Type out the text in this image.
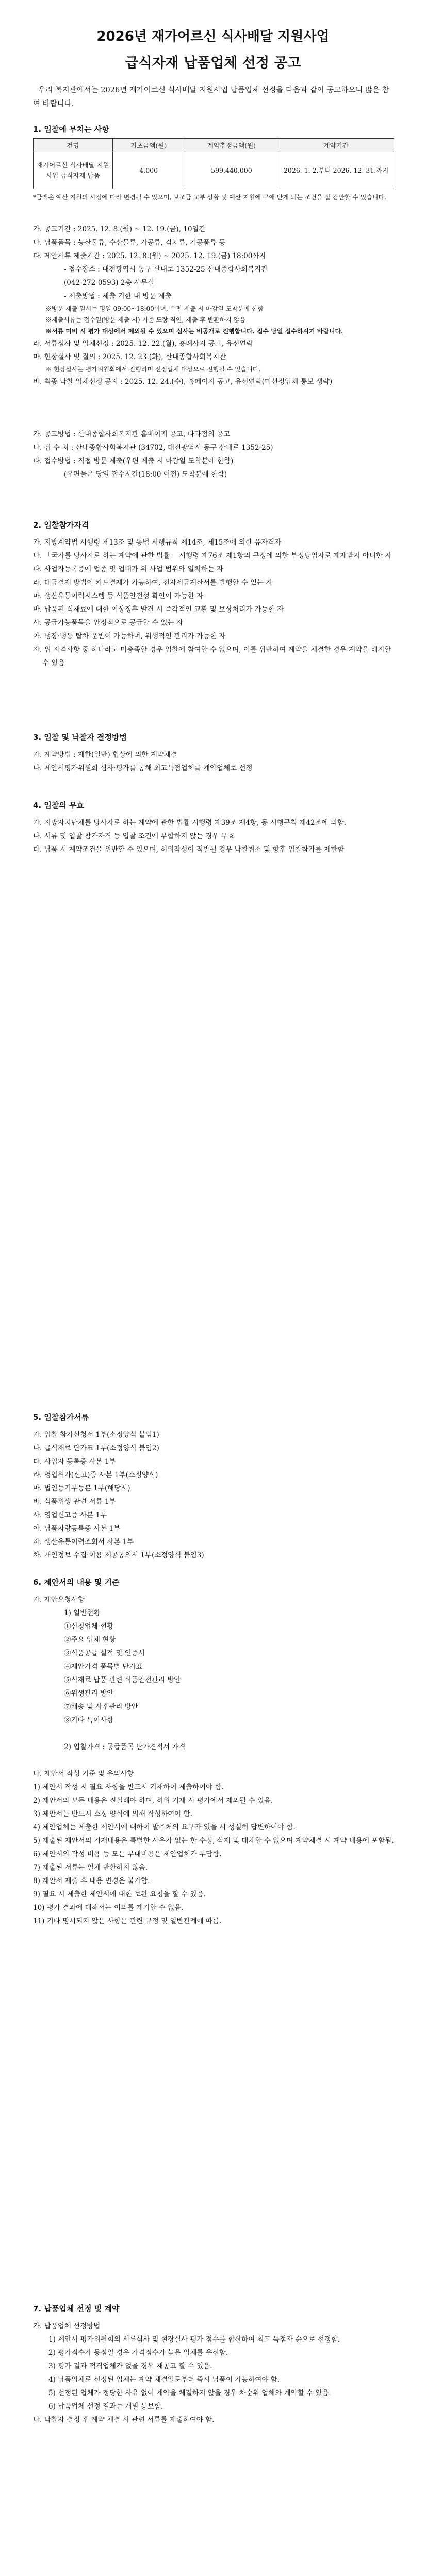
2026년 재가어르신 식사배달 지원사업
급식자재 납품업체 선정 공고
우리 복지관에서는 2026년 재가어르신 식사배달 지원사업 납품업체 선정을 다음과 같이 공고하오니 많은 참여 바랍니다.
1. 입찰에 부치는 사항
건명	기초금액(원)	계약추정금액(원)	계약기간
재가어르신 식사배달 지원사업 급식자재 납품	4,000	599,440,000	2026. 1. 2.부터 2026. 12. 31.까지
*금액은 예산 지원의 사정에 따라 변경될 수 있으며, 보조금 교부 상황 및 예산 지원에 구애 받게 되는 조건을 잘 감안할 수 있습니다.

가. 공고기간 : 2025. 12. 8.(월) ~ 12. 19.(금), 10일간

나. 납품품목 : 농산물류, 수산물류, 가공류, 김치류, 기공품류 등

다. 제안서류 제출기간 : 2025. 12. 8.(월) ~ 2025. 12. 19.(금) 18:00까지

- 접수장소 : 대전광역시 동구 산내로 1352-25 산내종합사회복지관

(042-272-0593) 2층 사무실

- 제출방법 : 제출 기한 내 방문 제출

※방문 제출 일시는 평일 09:00~18:00이며, 우편 제출 시 마감일 도착분에 한함

※제출서류는 접수일(방문 제출 시) 기준 도장 직인, 제출 후 반환하지 않음

※서류 미비 시 평가 대상에서 제외될 수 있으며 심사는 비공개로 진행합니다. 접수 당일 접수하시기 바랍니다.

라. 서류심사 및 업체선정 : 2025. 12. 22.(월), 흥례사지 공고, 유선연락

마. 현장실사 및 질의 : 2025. 12. 23.(화), 산내종합사회복지관

※ 현장실사는 평가위원회에서 진행하며 선정업체 대상으로 진행될 수 있습니다.

바. 최종 낙찰 업체선정 공지 : 2025. 12. 24.(수), 홈페이지 공고, 유선연락(미선정업체 통보 생략)

가. 공고방법 : 산내종합사회복지관 홈페이지 공고, 다과점의 공고

나. 접 수 처 : 산내종합사회복지관 (34702, 대전광역시 동구 산내로 1352-25)

다. 접수방법 : 직접 방문 제출(우편 제출 시 마감일 도착분에 한함)

(우편물은 당일 접수시간(18:00 이전) 도착분에 한함)

2. 입찰참가자격

가. 지방계약법 시행령 제13조 및 동법 시행규칙 제14조, 제15조에 의한 유자격자

나. 「국가를 당사자로 하는 계약에 관한 법률」 시행령 제76조 제1항의 규정에 의한 부정당업자로 제재받지 아니한 자

다. 사업자등록증에 업종 및 업태가 위 사업 범위와 일치하는 자

라. 대금결제 방법이 카드결제가 가능하여, 전자세금계산서를 발행할 수 있는 자

마. 생산유통이력시스템 등 식품안전성 확인이 가능한 자

바. 납품된 식재료에 대한 이상징후 발견 시 즉각적인 교환 및 보상처리가 가능한 자

사. 공급가능품목을 안정적으로 공급할 수 있는 자

아. 냉장·냉동 탑차 운반이 가능하며, 위생적인 관리가 가능한 자

자. 위 자격사항 중 하나라도 미충족할 경우 입찰에 참여할 수 없으며, 이를 위반하여 계약을 체결한 경우 계약을 해지할 수 있음

3. 입찰 및 낙찰자 결정방법

가. 계약방법 : 제한(일반) 협상에 의한 계약체결

나. 제안서평가위원회 심사·평가를 통해 최고득점업체를 계약업체로 선정

4. 입찰의 무효

가. 지방자치단체를 당사자로 하는 계약에 관한 법률 시행령 제39조 제4항, 동 시행규칙 제42조에 의함.

나. 서류 및 입찰 참가자격 등 입찰 조건에 부합하지 않는 경우 무효

다. 납품 시 계약조건을 위반할 수 있으며, 허위작성이 적발될 경우 낙찰취소 및 향후 입찰참가를 제한함

5. 입찰참가서류

가. 입찰 참가신청서 1부(소정양식 붙임1)

나. 급식재료 단가표 1부(소정양식 붙임2)

다. 사업자 등록증 사본 1부

라. 영업허가(신고)증 사본 1부(소정양식)

마. 법인등기부등본 1부(해당시)

바. 식품위생 관련 서류 1부

사. 영업신고증 사본 1부

아. 납품차량등록증 사본 1부

자. 생산유통이력조회서 사본 1부

차. 개인정보 수집·이용 제공동의서 1부(소정양식 붙임3)

6. 제안서의 내용 및 기준

가. 제안요청사항

1) 일반현황

①신청업체 현황

②주요 업체 현황

③식품공급 실적 및 인증서

④제안가격 품목별 단가표

⑤식재료 납품 관련 식품안전관리 방안

⑥위생관리 방안

⑦배송 및 사후관리 방안

⑧기타 특이사항

2) 입찰가격 : 공급품목 단가견적서 가격

나. 제안서 작성 기준 및 유의사항

1) 제안서 작성 시 필요 사항을 반드시 기재하여 제출하여야 함.

2) 제안서의 모든 내용은 진실해야 하며, 허위 기재 시 평가에서 제외될 수 있음.

3) 제안서는 반드시 소정 양식에 의해 작성하여야 함.

4) 제안업체는 제출한 제안서에 대하여 발주처의 요구가 있을 시 성실히 답변하여야 함.

5) 제출된 제안서의 기재내용은 특별한 사유가 없는 한 수정, 삭제 및 대체할 수 없으며 계약체결 시 계약 내용에 포함됨.

6) 제안서의 작성 비용 등 모든 부대비용은 제안업체가 부담함.

7) 제출된 서류는 일체 반환하지 않음.

8) 제안서 제출 후 내용 변경은 불가함.

9) 필요 시 제출한 제안서에 대한 보완 요청을 할 수 있음.

10) 평가 결과에 대해서는 이의를 제기할 수 없음.

11) 기타 명시되지 않은 사항은 관련 규정 및 일반관례에 따름.

7. 납품업체 선정 및 계약

가. 납품업체 선정방법

1) 제안서 평가위원회의 서류심사 및 현장실사 평가 점수를 합산하여 최고 득점자 순으로 선정함.

2) 평가점수가 동점일 경우 가격점수가 높은 업체를 우선함.

3) 평가 결과 적격업체가 없을 경우 재공고 할 수 있음.

4) 납품업체로 선정된 업체는 계약 체결일로부터 즉시 납품이 가능하여야 함.

5) 선정된 업체가 정당한 사유 없이 계약을 체결하지 않을 경우 차순위 업체와 계약할 수 있음.

6) 납품업체 선정 결과는 개별 통보함.

나. 낙찰자 결정 후 계약 체결 시 관련 서류를 제출하여야 함.
